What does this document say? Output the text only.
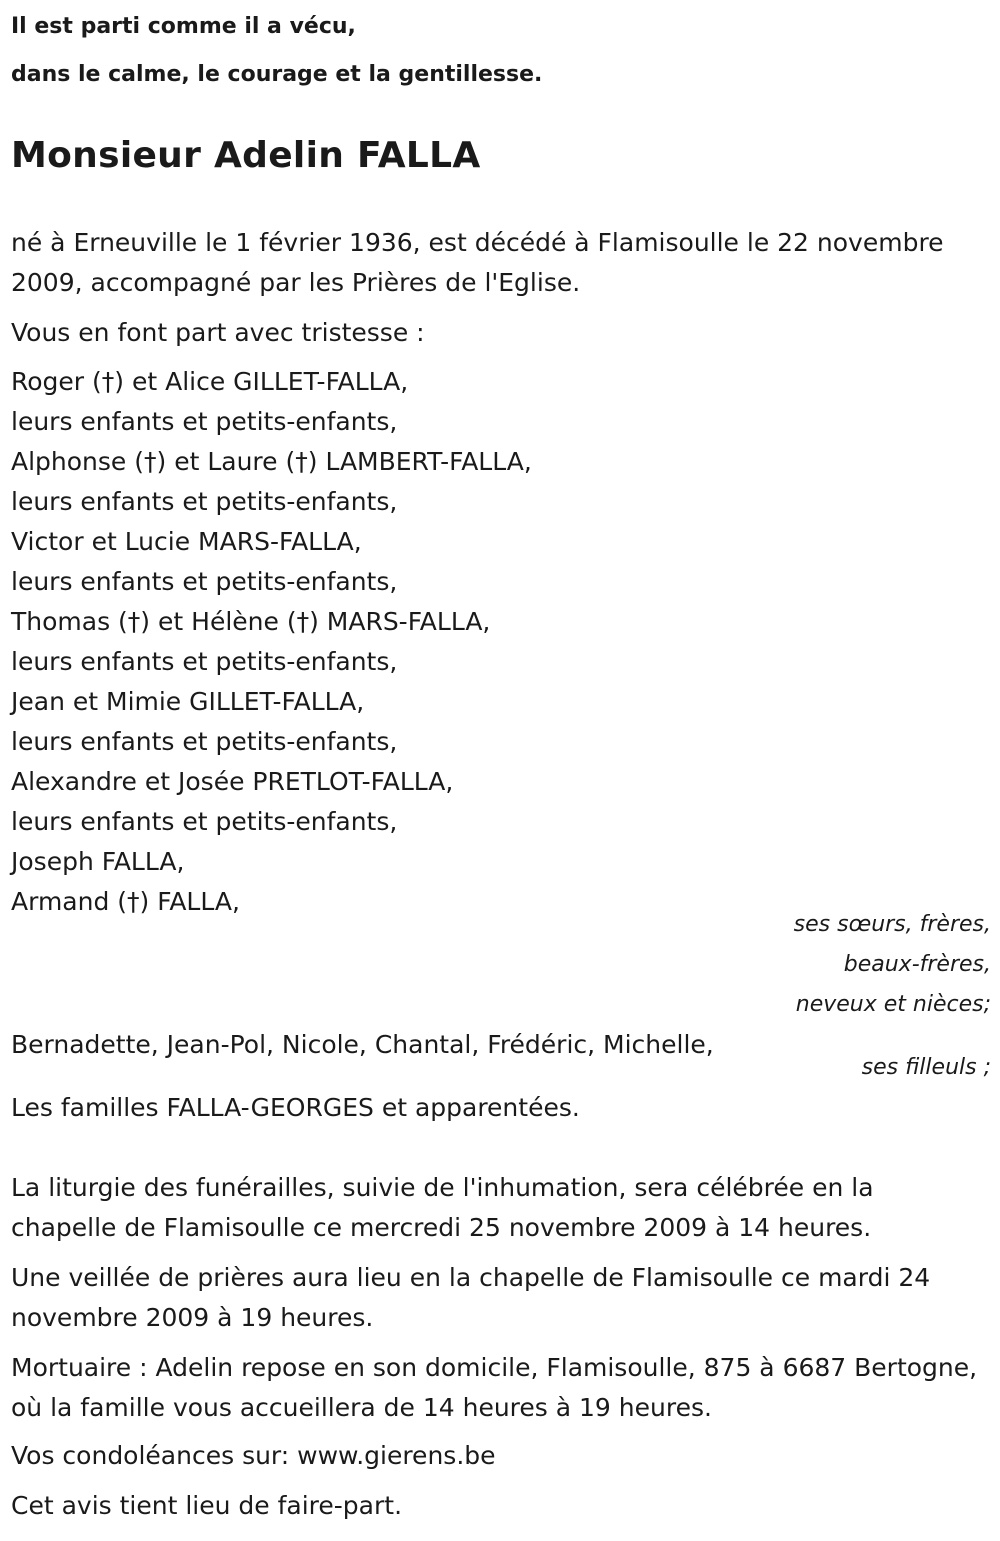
Il est parti comme il a vécu,

dans le calme, le courage et la gentillesse.

Monsieur Adelin FALLA

né à Erneuville le 1 février 1936, est décédé à Flamisoulle le 22 novembre 2009, accompagné par les Prières de l'Eglise.

Vous en font part avec tristesse :

Roger (†) et Alice GILLET-FALLA,
leurs enfants et petits-enfants,
Alphonse (†) et Laure (†) LAMBERT-FALLA,
leurs enfants et petits-enfants,
Victor et Lucie MARS-FALLA,
leurs enfants et petits-enfants,
Thomas (†) et Hélène (†) MARS-FALLA,
leurs enfants et petits-enfants,
Jean et Mimie GILLET-FALLA,
leurs enfants et petits-enfants,
Alexandre et Josée PRETLOT-FALLA,
leurs enfants et petits-enfants,
Joseph FALLA,
Armand (†) FALLA,
ses sœurs, frères,
beaux-frères,
neveux et nièces;

Bernadette, Jean-Pol, Nicole, Chantal, Frédéric, Michelle,

ses filleuls ;

Les familles FALLA-GEORGES et apparentées.

La liturgie des funérailles, suivie de l'inhumation, sera célébrée en la chapelle de Flamisoulle ce mercredi 25 novembre 2009 à 14 heures.

Une veillée de prières aura lieu en la chapelle de Flamisoulle ce mardi 24 novembre 2009 à 19 heures.

Mortuaire : Adelin repose en son domicile, Flamisoulle, 875 à 6687 Bertogne, où la famille vous accueillera de 14 heures à 19 heures.

Vos condoléances sur: www.gierens.be

Cet avis tient lieu de faire-part.
